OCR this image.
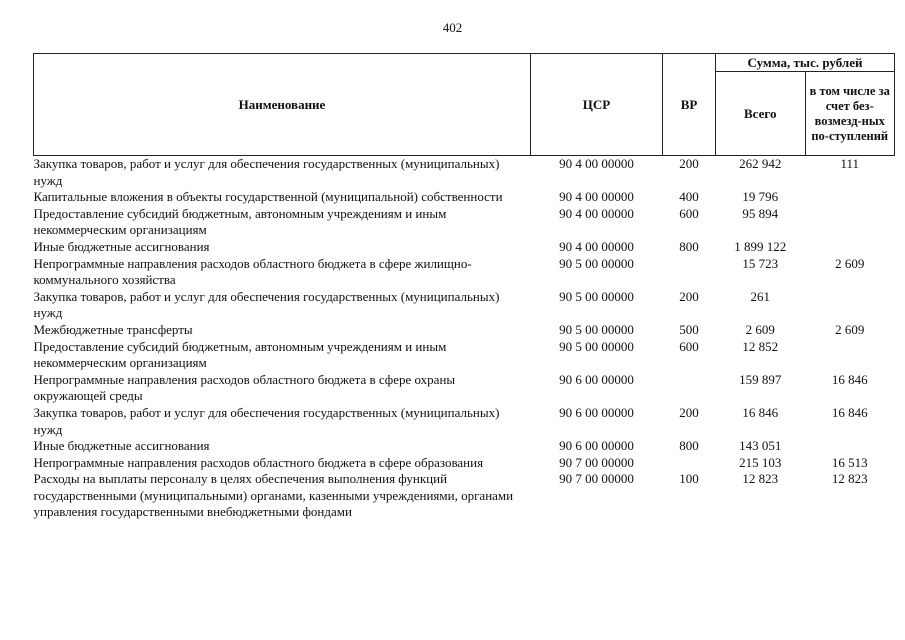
402
Наименование	ЦСР	ВР	Сумма, тыс. рублей	
			Всего	в том числе за счет без-возмезд-ных по-ступлений
Закупка товаров, работ и услуг для обеспечения государственных (муниципальных) нужд	90 4 00 00000	200	262 942	111
Капитальные вложения в объекты государственной (муниципальной) собственности	90 4 00 00000	400	19 796	
Предоставление субсидий бюджетным, автономным учреждениям и иным некоммерческим организациям	90 4 00 00000	600	95 894	
Иные бюджетные ассигнования	90 4 00 00000	800	1 899 122	
Непрограммные направления расходов областного бюджета в сфере жилищно-коммунального хозяйства	90 5 00 00000		15 723	2 609
Закупка товаров, работ и услуг для обеспечения государственных (муниципальных) нужд	90 5 00 00000	200	261	
Межбюджетные трансферты	90 5 00 00000	500	2 609	2 609
Предоставление субсидий бюджетным, автономным учреждениям и иным некоммерческим организациям	90 5 00 00000	600	12 852	
Непрограммные направления расходов областного бюджета в сфере охраны окружающей среды	90 6 00 00000		159 897	16 846
Закупка товаров, работ и услуг для обеспечения государственных (муниципальных) нужд	90 6 00 00000	200	16 846	16 846
Иные бюджетные ассигнования	90 6 00 00000	800	143 051	
Непрограммные направления расходов областного бюджета в сфере образования	90 7 00 00000		215 103	16 513
Расходы на выплаты персоналу в целях обеспечения выполнения функций государственными (муниципальными) органами, казенными учреждениями, органами управления государственными внебюджетными фондами	90 7 00 00000	100	12 823	12 823
